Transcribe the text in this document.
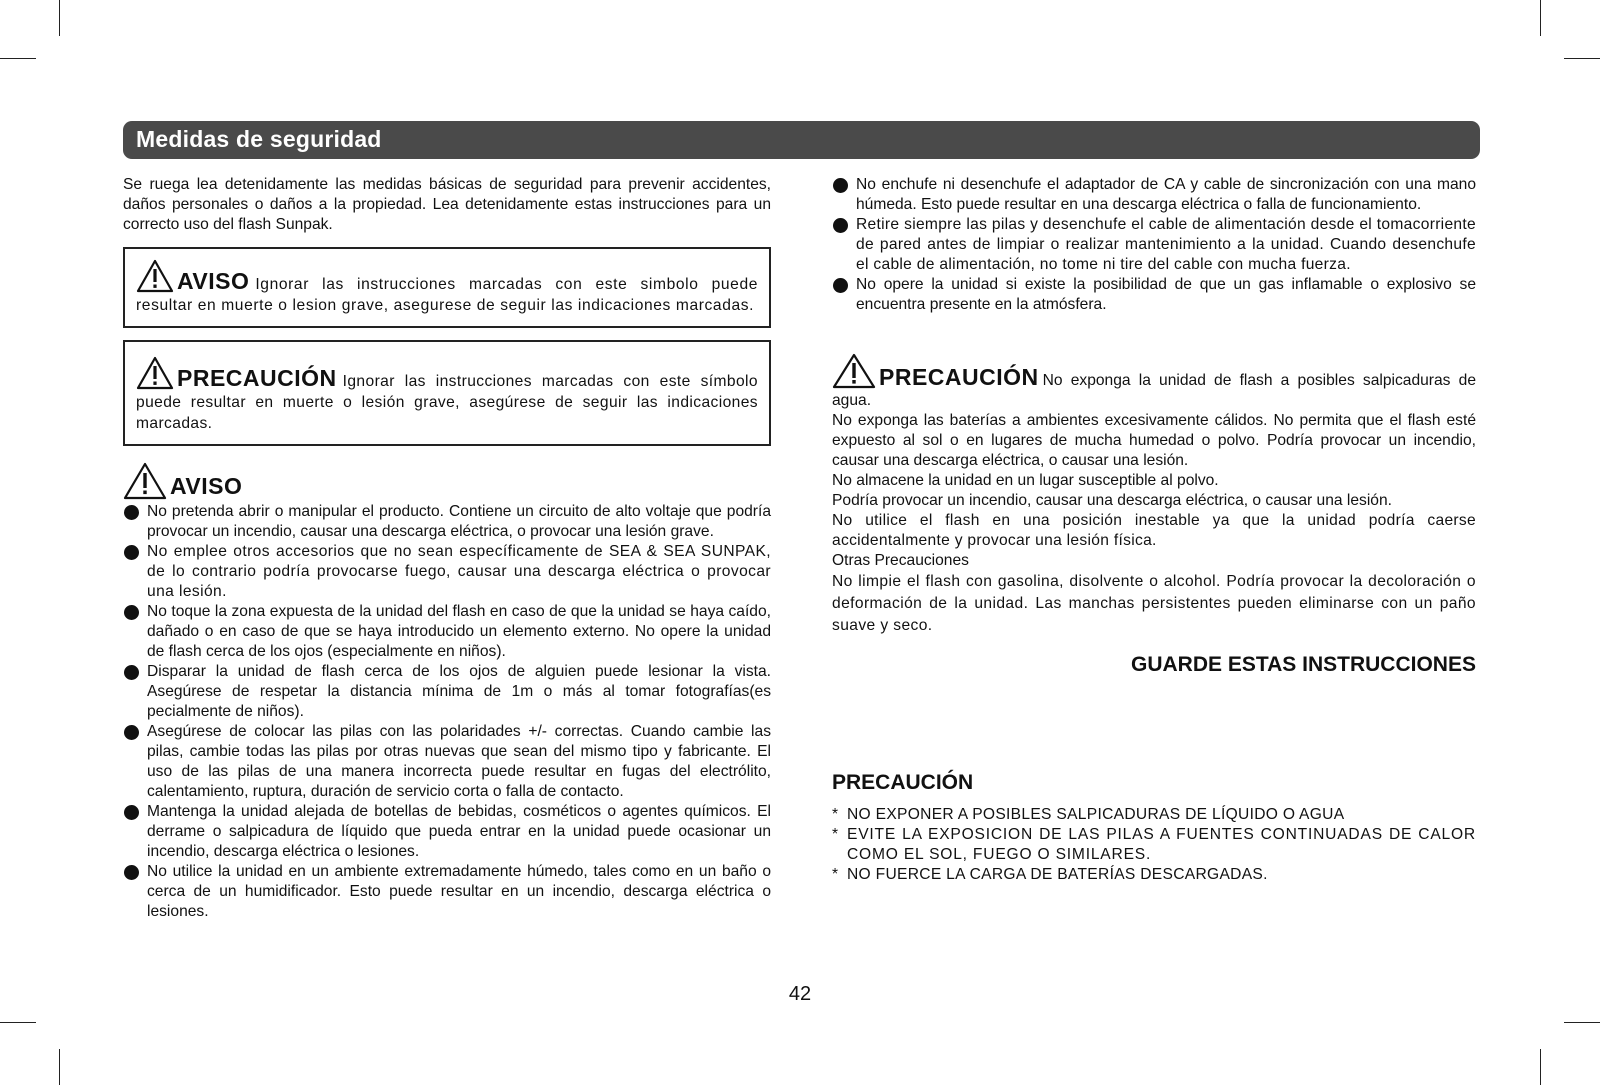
Medidas de seguridad

Se ruega lea detenidamente las medidas básicas de seguridad para prevenir accidentes, daños personales o daños a la propiedad. Lea detenidamente estas instrucciones para un correcto uso del flash Sunpak.

AVISO Ignorar las instrucciones marcadas con este simbolo puede resultar en muerte o lesion grave, asegurese de seguir las indicaciones marcadas.

PRECAUCIÓN Ignorar las instrucciones marcadas con este símbolo puede resultar en muerte o lesión grave, asegúrese de seguir las indicaciones marcadas.

AVISO
No pretenda abrir o manipular el producto. Contiene un circuito de alto voltaje que podría provocar un incendio, causar una descarga eléctrica, o provocar una lesión grave.
No emplee otros accesorios que no sean específicamente de SEA & SEA SUNPAK, de lo contrario podría provocarse fuego, causar una descarga eléctrica o provocar una lesión.
No toque la zona expuesta de la unidad del flash en caso de que la unidad se haya caído, dañado o en caso de que se haya introducido un elemento externo. No opere la unidad de flash cerca de los ojos (especialmente en niños).
Disparar la unidad de flash cerca de los ojos de alguien puede lesionar la vista. Asegúrese de respetar la distancia mínima de 1m o más al tomar fotografías(es pecialmente de niños).
Asegúrese de colocar las pilas con las polaridades +/- correctas. Cuando cambie las pilas, cambie todas las pilas por otras nuevas que sean del mismo tipo y fabricante. El uso de las pilas de una manera incorrecta puede resultar en fugas del electrólito, calentamiento, ruptura, duración de servicio corta o falla de contacto.
Mantenga la unidad alejada de botellas de bebidas, cosméticos o agentes químicos. El derrame o salpicadura de líquido que pueda entrar en la unidad puede ocasionar un incendio, descarga eléctrica o lesiones.
No utilice la unidad en un ambiente extremadamente húmedo, tales como en un baño o cerca de un humidificador. Esto puede resultar en un incendio, descarga eléctrica o lesiones.
No enchufe ni desenchufe el adaptador de CA y cable de sincronización con una mano húmeda. Esto puede resultar en una descarga eléctrica o falla de funcionamiento.
Retire siempre las pilas y desenchufe el cable de alimentación desde el tomacorriente de pared antes de limpiar o realizar mantenimiento a la unidad. Cuando desenchufe el cable de alimentación, no tome ni tire del cable con mucha fuerza.
No opere la unidad si existe la posibilidad de que un gas inflamable o explosivo se encuentra presente en la atmósfera.

PRECAUCIÓN No exponga la unidad de flash a posibles salpicaduras de agua.

No exponga las baterías a ambientes excesivamente cálidos. No permita que el flash esté expuesto al sol o en lugares de mucha humedad o polvo. Podría provocar un incendio, causar una descarga eléctrica, o causar una lesión.

No almacene la unidad en un lugar susceptible al polvo.

Podría provocar un incendio, causar una descarga eléctrica, o causar una lesión.

No utilice el flash en una posición inestable ya que la unidad podría caerse accidentalmente y provocar una lesión física.

Otras Precauciones

No limpie el flash con gasolina, disolvente o alcohol. Podría provocar la decoloración o deformación de la unidad. Las manchas persistentes pueden eliminarse con un paño suave y seco.

GUARDE ESTAS INSTRUCCIONES
PRECAUCIÓN
* NO EXPONER A POSIBLES SALPICADURAS DE LÍQUIDO O AGUA
* EVITE LA EXPOSICION DE LAS PILAS A FUENTES CONTINUADAS DE CALOR COMO EL SOL, FUEGO O SIMILARES.
* NO FUERCE LA CARGA DE BATERÍAS DESCARGADAS.
42
